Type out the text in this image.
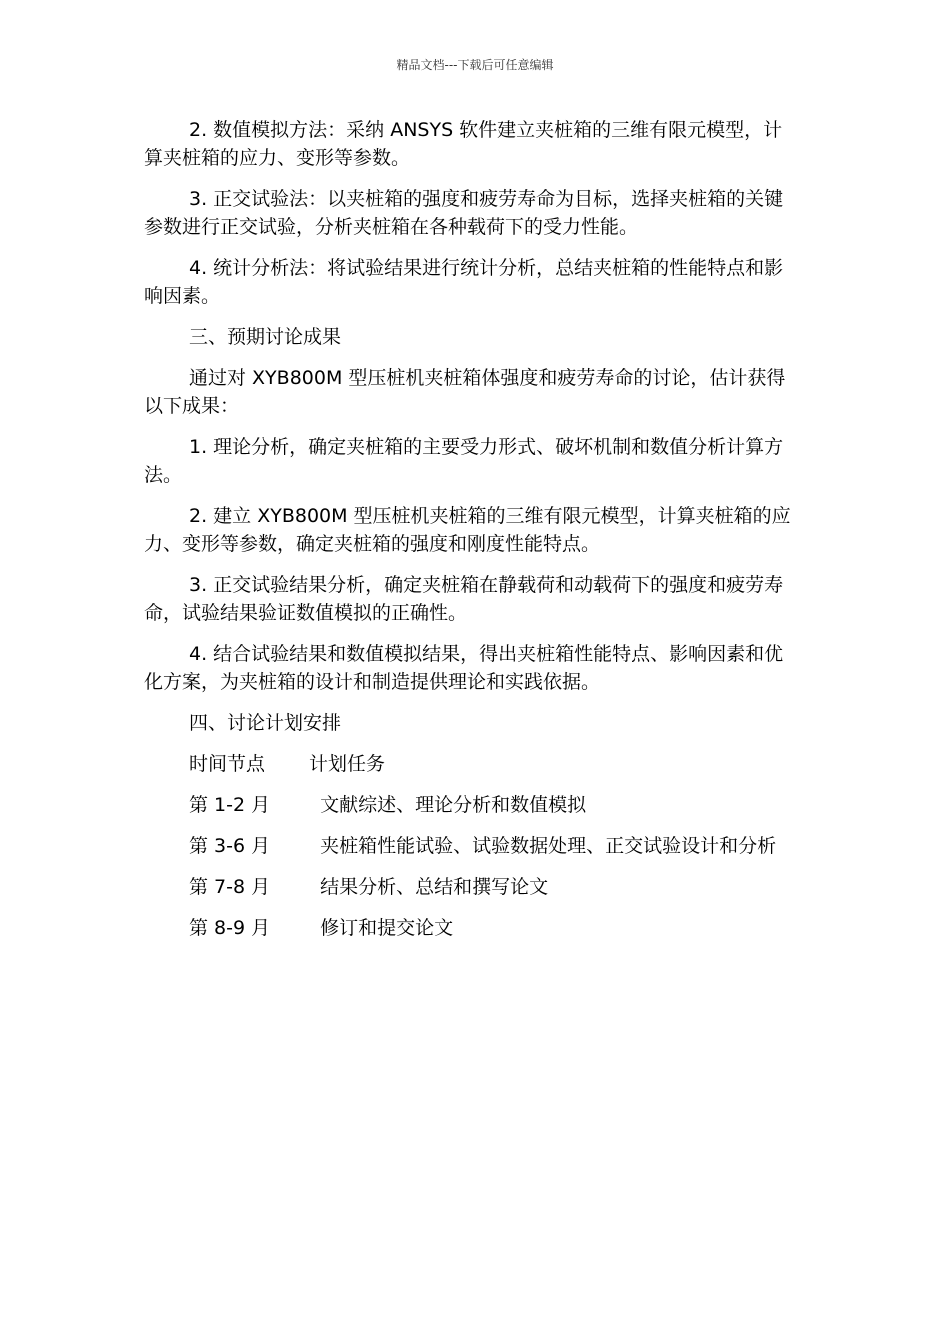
精品文档---下载后可任意编辑

2. 数值模拟方法：采纳 ANSYS 软件建立夹桩箱的三维有限元模型，计算夹桩箱的应力、变形等参数。

3. 正交试验法：以夹桩箱的强度和疲劳寿命为目标，选择夹桩箱的关键参数进行正交试验，分析夹桩箱在各种载荷下的受力性能。

4. 统计分析法：将试验结果进行统计分析，总结夹桩箱的性能特点和影响因素。

三、预期讨论成果

通过对 XYB800M 型压桩机夹桩箱体强度和疲劳寿命的讨论，估计获得以下成果：

1. 理论分析，确定夹桩箱的主要受力形式、破坏机制和数值分析计算方法。

2. 建立 XYB800M 型压桩机夹桩箱的三维有限元模型，计算夹桩箱的应力、变形等参数，确定夹桩箱的强度和刚度性能特点。

3. 正交试验结果分析，确定夹桩箱在静载荷和动载荷下的强度和疲劳寿命，试验结果验证数值模拟的正确性。

4. 结合试验结果和数值模拟结果，得出夹桩箱性能特点、影响因素和优化方案，为夹桩箱的设计和制造提供理论和实践依据。

四、讨论计划安排

时间节点 计划任务

第 1-2 月	文献综述、理论分析和数值模拟

第 3-6 月	夹桩箱性能试验、试验数据处理、正交试验设计和分析

第 7-8 月	结果分析、总结和撰写论文

第 8-9 月	修订和提交论文
